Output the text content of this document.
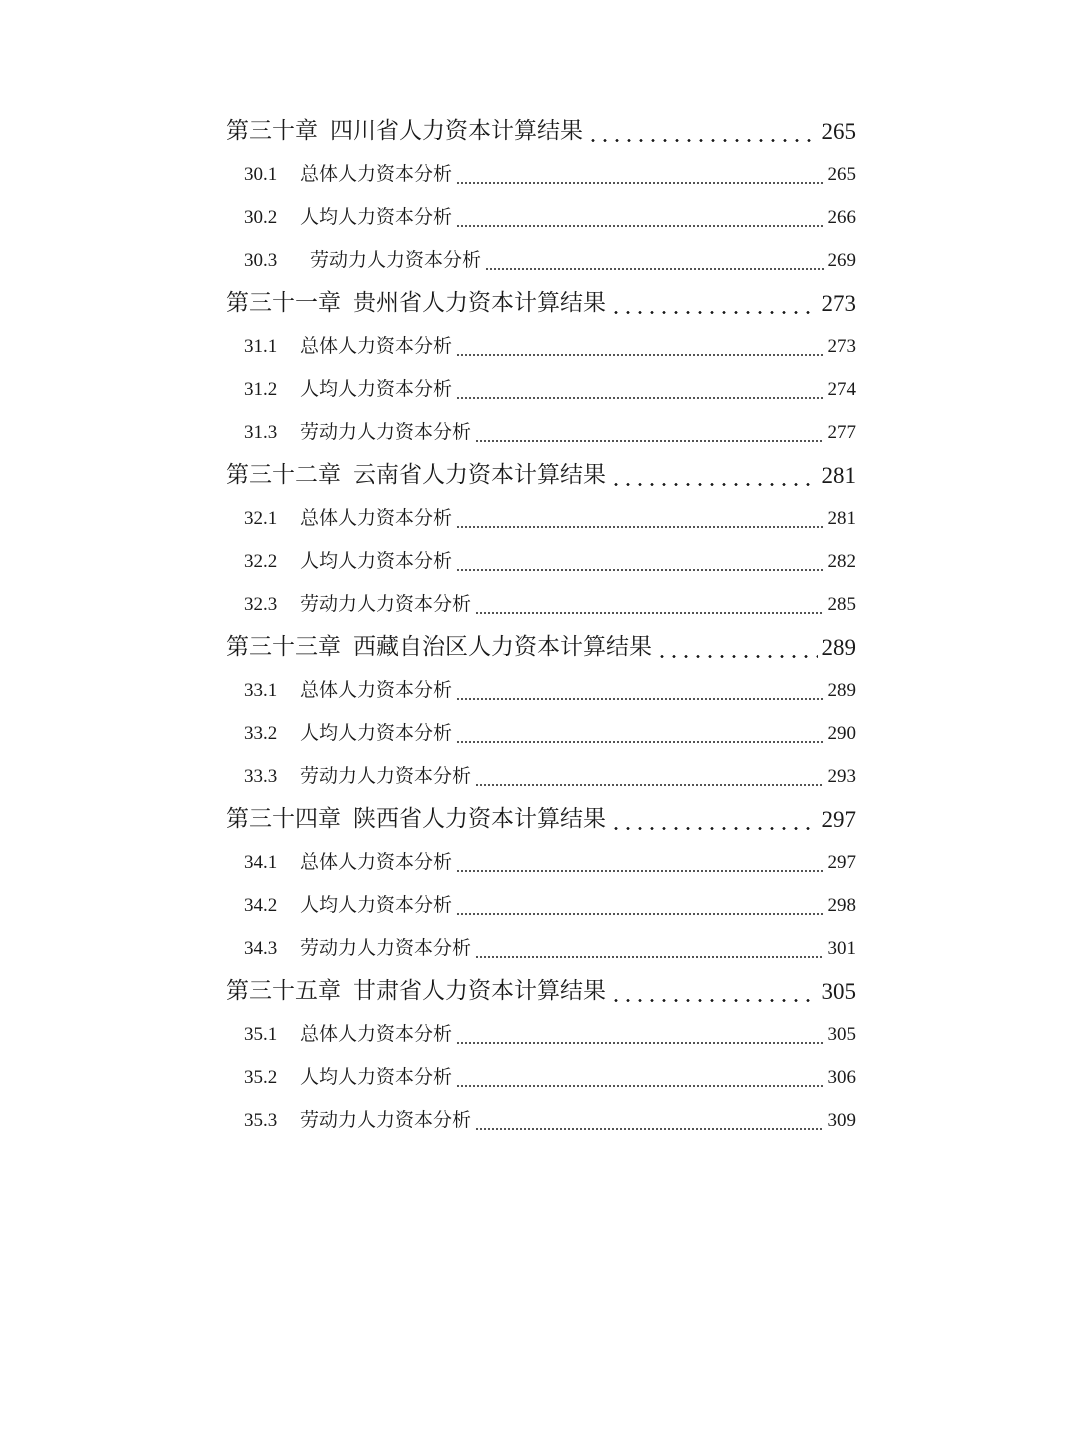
第三十章 四川省人力资本计算结果	265
30.1	总体人力资本分析	265
30.2	人均人力资本分析	266
30.3	劳动力人力资本分析	269
第三十一章 贵州省人力资本计算结果	273
31.1	总体人力资本分析	273
31.2	人均人力资本分析	274
31.3	劳动力人力资本分析	277
第三十二章 云南省人力资本计算结果	281
32.1	总体人力资本分析	281
32.2	人均人力资本分析	282
32.3	劳动力人力资本分析	285
第三十三章 西藏自治区人力资本计算结果	289
33.1	总体人力资本分析	289
33.2	人均人力资本分析	290
33.3	劳动力人力资本分析	293
第三十四章 陕西省人力资本计算结果	297
34.1	总体人力资本分析	297
34.2	人均人力资本分析	298
34.3	劳动力人力资本分析	301
第三十五章 甘肃省人力资本计算结果	305
35.1	总体人力资本分析	305
35.2	人均人力资本分析	306
35.3	劳动力人力资本分析	309
